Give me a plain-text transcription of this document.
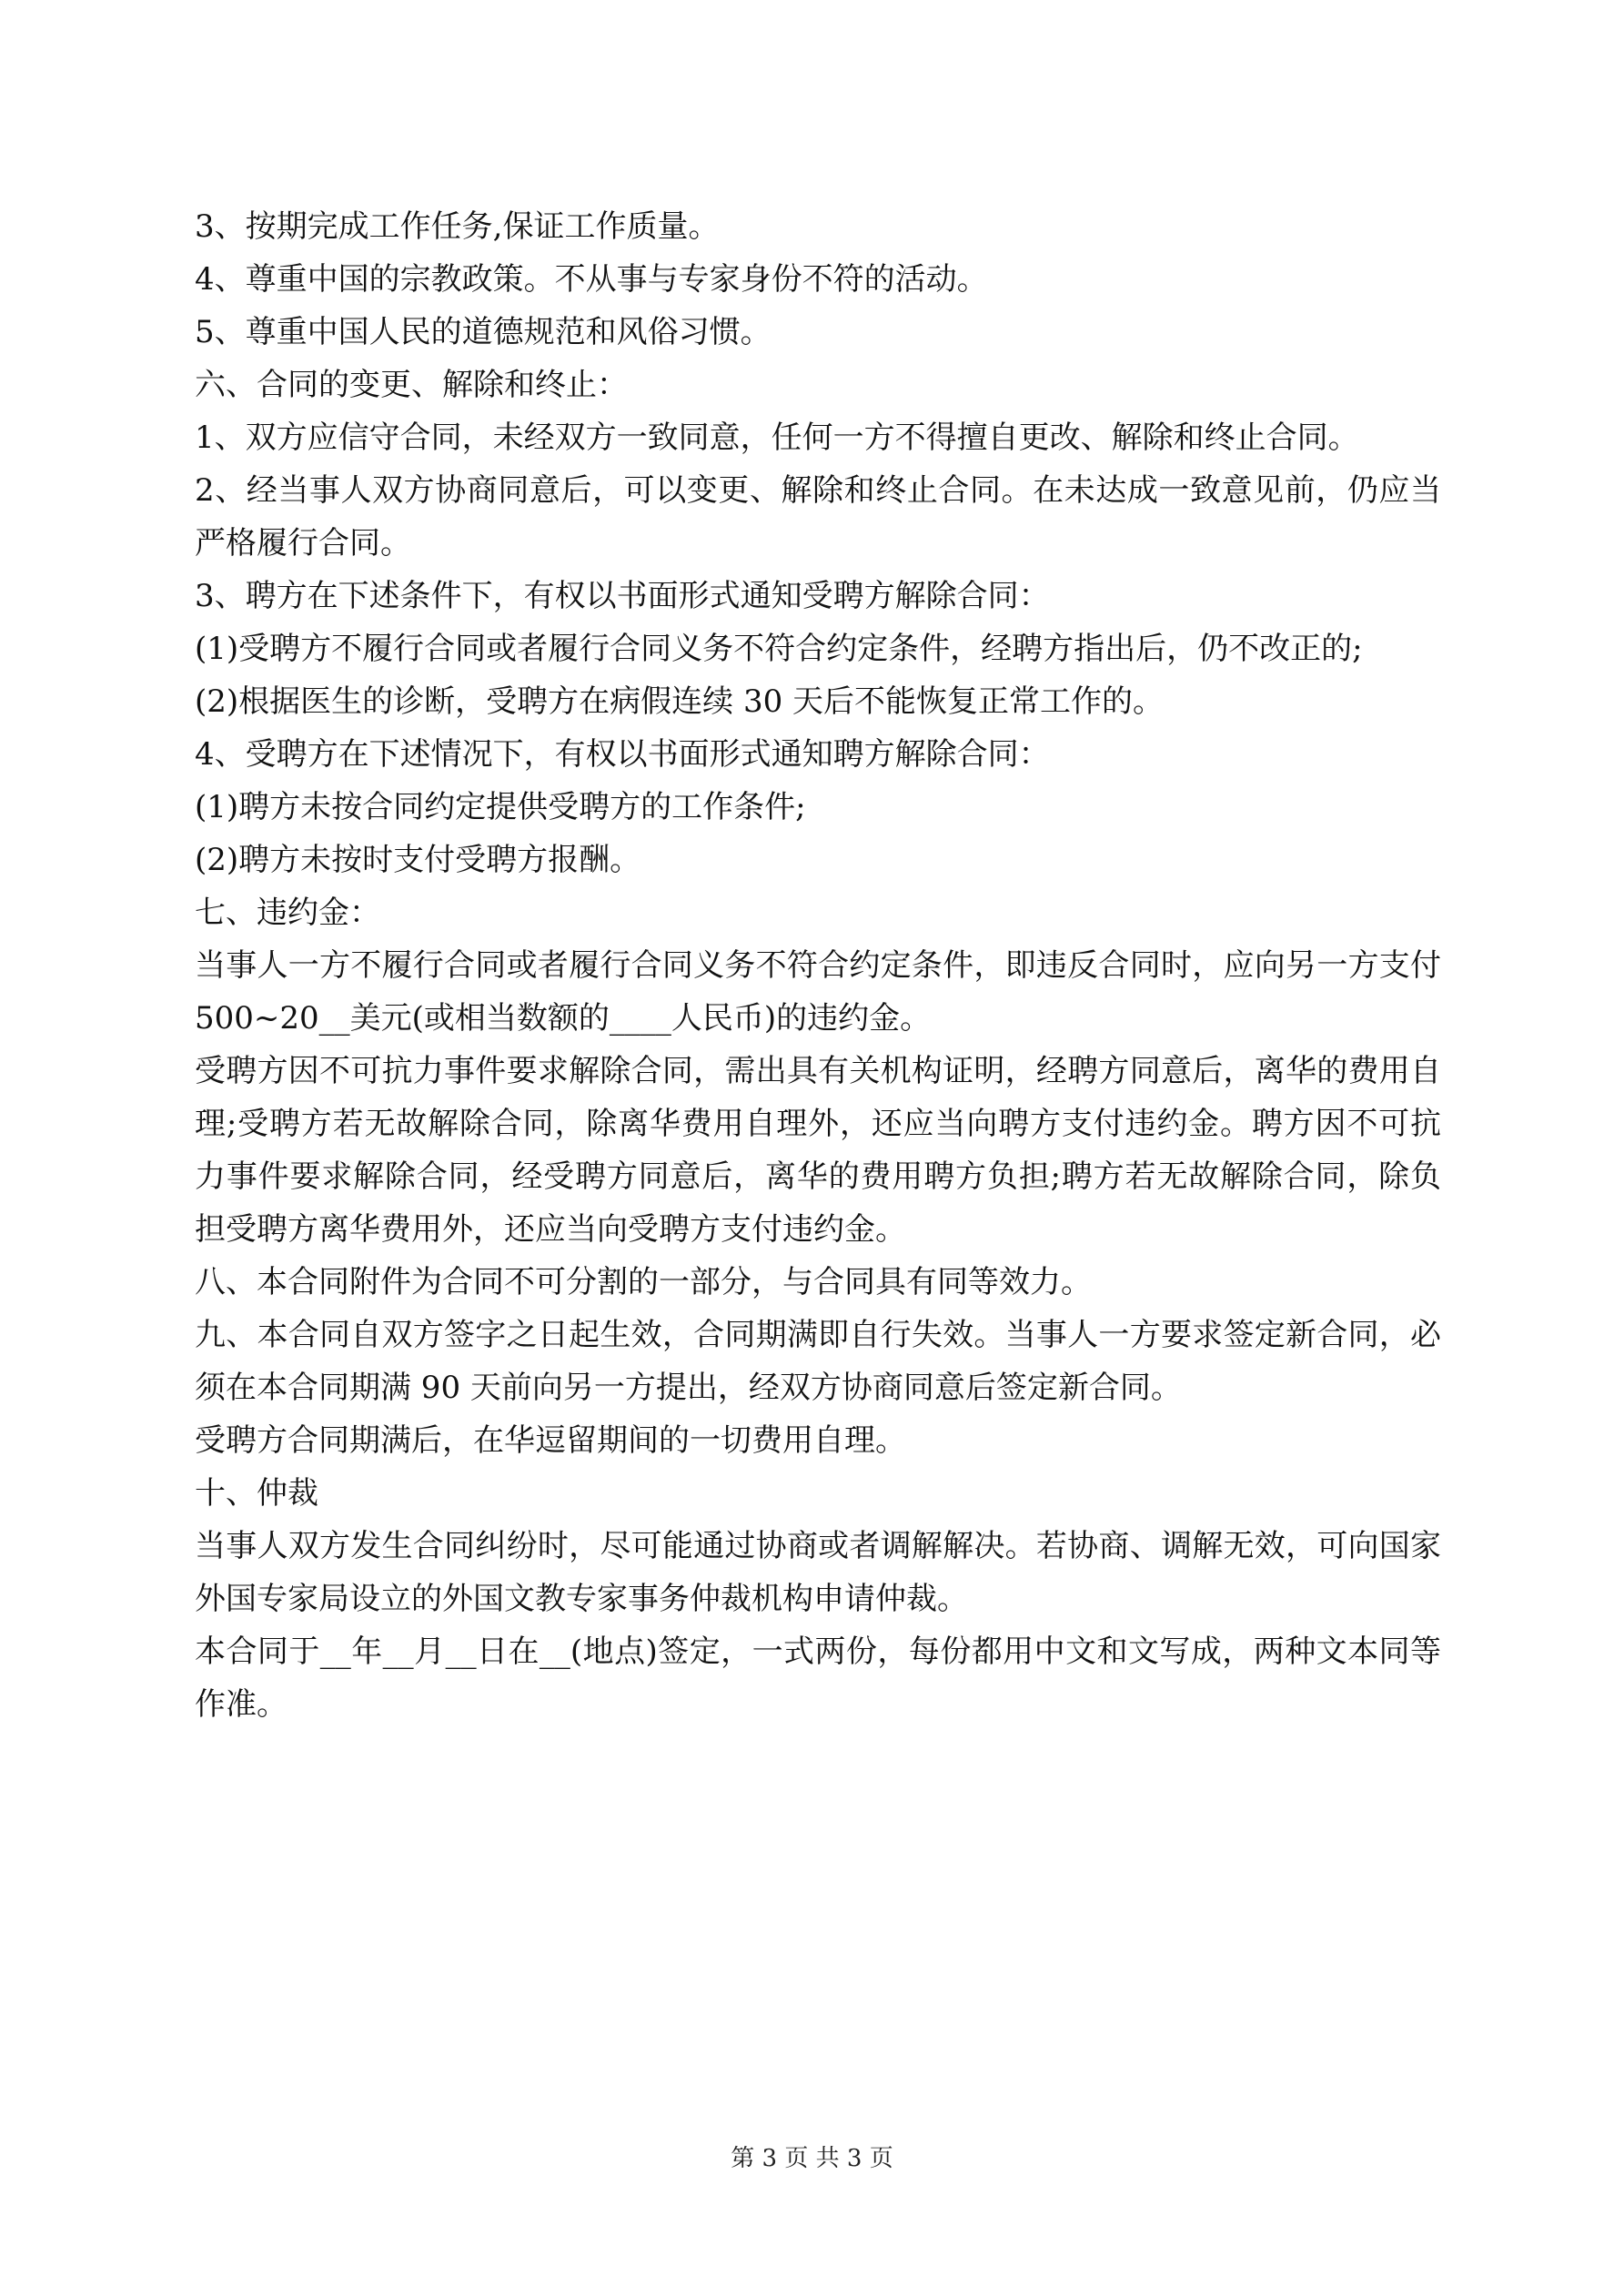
3、按期完成工作任务,保证工作质量。

4、尊重中国的宗教政策。不从事与专家身份不符的活动。

5、尊重中国人民的道德规范和风俗习惯。

六、合同的变更、解除和终止：

1、双方应信守合同，未经双方一致同意，任何一方不得擅自更改、解除和终止合同。

2、经当事人双方协商同意后，可以变更、解除和终止合同。在未达成一致意见前，仍应当严格履行合同。

3、聘方在下述条件下，有权以书面形式通知受聘方解除合同：

(1)受聘方不履行合同或者履行合同义务不符合约定条件，经聘方指出后，仍不改正的;

(2)根据医生的诊断，受聘方在病假连续 30 天后不能恢复正常工作的。

4、受聘方在下述情况下，有权以书面形式通知聘方解除合同：

(1)聘方未按合同约定提供受聘方的工作条件;

(2)聘方未按时支付受聘方报酬。

七、违约金：

当事人一方不履行合同或者履行合同义务不符合约定条件，即违反合同时，应向另一方支付 500~20__美元(或相当数额的____人民币)的违约金。

受聘方因不可抗力事件要求解除合同，需出具有关机构证明，经聘方同意后，离华的费用自理;受聘方若无故解除合同，除离华费用自理外，还应当向聘方支付违约金。聘方因不可抗力事件要求解除合同，经受聘方同意后，离华的费用聘方负担;聘方若无故解除合同，除负担受聘方离华费用外，还应当向受聘方支付违约金。

八、本合同附件为合同不可分割的一部分，与合同具有同等效力。

九、本合同自双方签字之日起生效，合同期满即自行失效。当事人一方要求签定新合同，必须在本合同期满 90 天前向另一方提出，经双方协商同意后签定新合同。

受聘方合同期满后，在华逗留期间的一切费用自理。

十、仲裁

当事人双方发生合同纠纷时，尽可能通过协商或者调解解决。若协商、调解无效，可向国家外国专家局设立的外国文教专家事务仲裁机构申请仲裁。

本合同于__年__月__日在__(地点)签定，一式两份，每份都用中文和文写成，两种文本同等作准。

第 3 页 共 3 页
